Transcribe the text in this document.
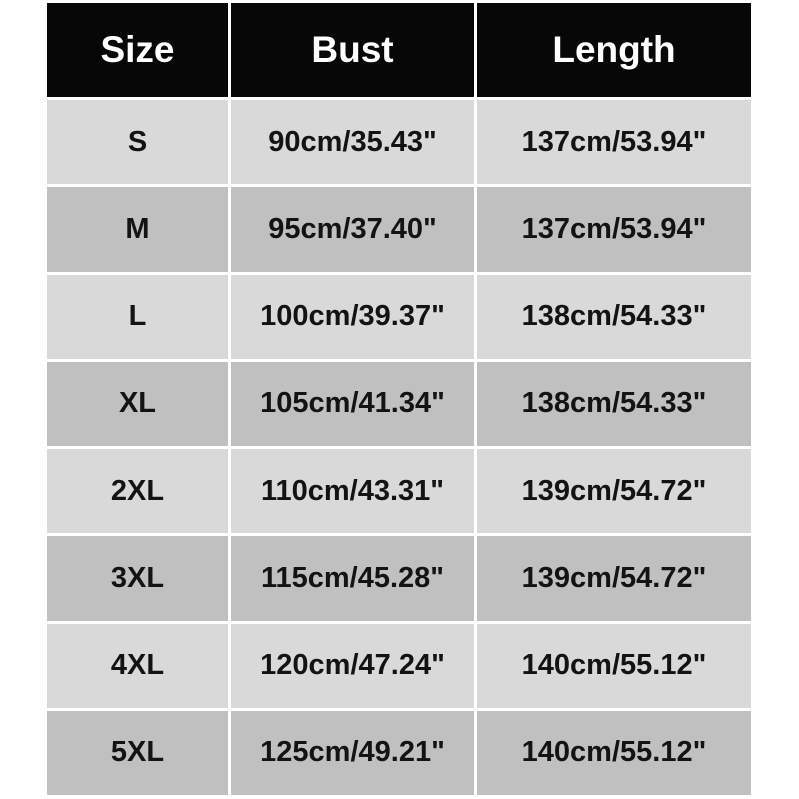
Size	Bust	Length
S	90cm/35.43"	137cm/53.94"
M	95cm/37.40"	137cm/53.94"
L	100cm/39.37"	138cm/54.33"
XL	105cm/41.34"	138cm/54.33"
2XL	110cm/43.31"	139cm/54.72"
3XL	115cm/45.28"	139cm/54.72"
4XL	120cm/47.24"	140cm/55.12"
5XL	125cm/49.21"	140cm/55.12"
